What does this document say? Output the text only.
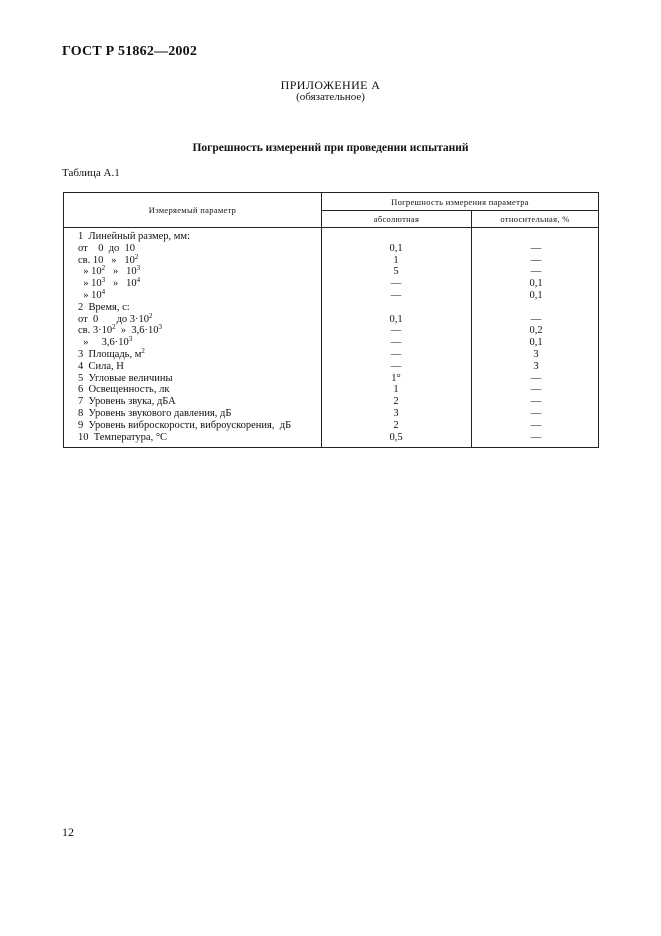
ГОСТ Р 51862—2002
ПРИЛОЖЕНИЕ А
(обязательное)
Погрешность измерений при проведении испытаний
Таблица А.1
Измеряемый параметр
Погрешность измерения параметра
абсолютная	относительная, %
1  Линейный размер, мм:
от    0  до  10	0,1	—
св. 10   »   $10^2$	1	—
» $10^2$   »   $10^3$	5	—
» $10^3$   »   $10^4$	—	0,1
» $10^4$	—	0,1
2  Время, с:
от  0       до $3\cdot 10^2$	0,1	—
св. $3\cdot 10^2$  »  $3,6\cdot 10^3$	—	0,2
»     $3,6\cdot 10^3$	—	0,1
3  Площадь, $м^2$	—	3
4  Сила, Н	—	3
5  Угловые величины	1°	—
6  Освещенность, лк	1	—
7  Уровень звука, дБА	2	—
8  Уровень звукового давления, дБ	3	—
9  Уровень виброскорости, виброускорения,  дБ	2	—
10  Температура, °С	0,5	—
12
